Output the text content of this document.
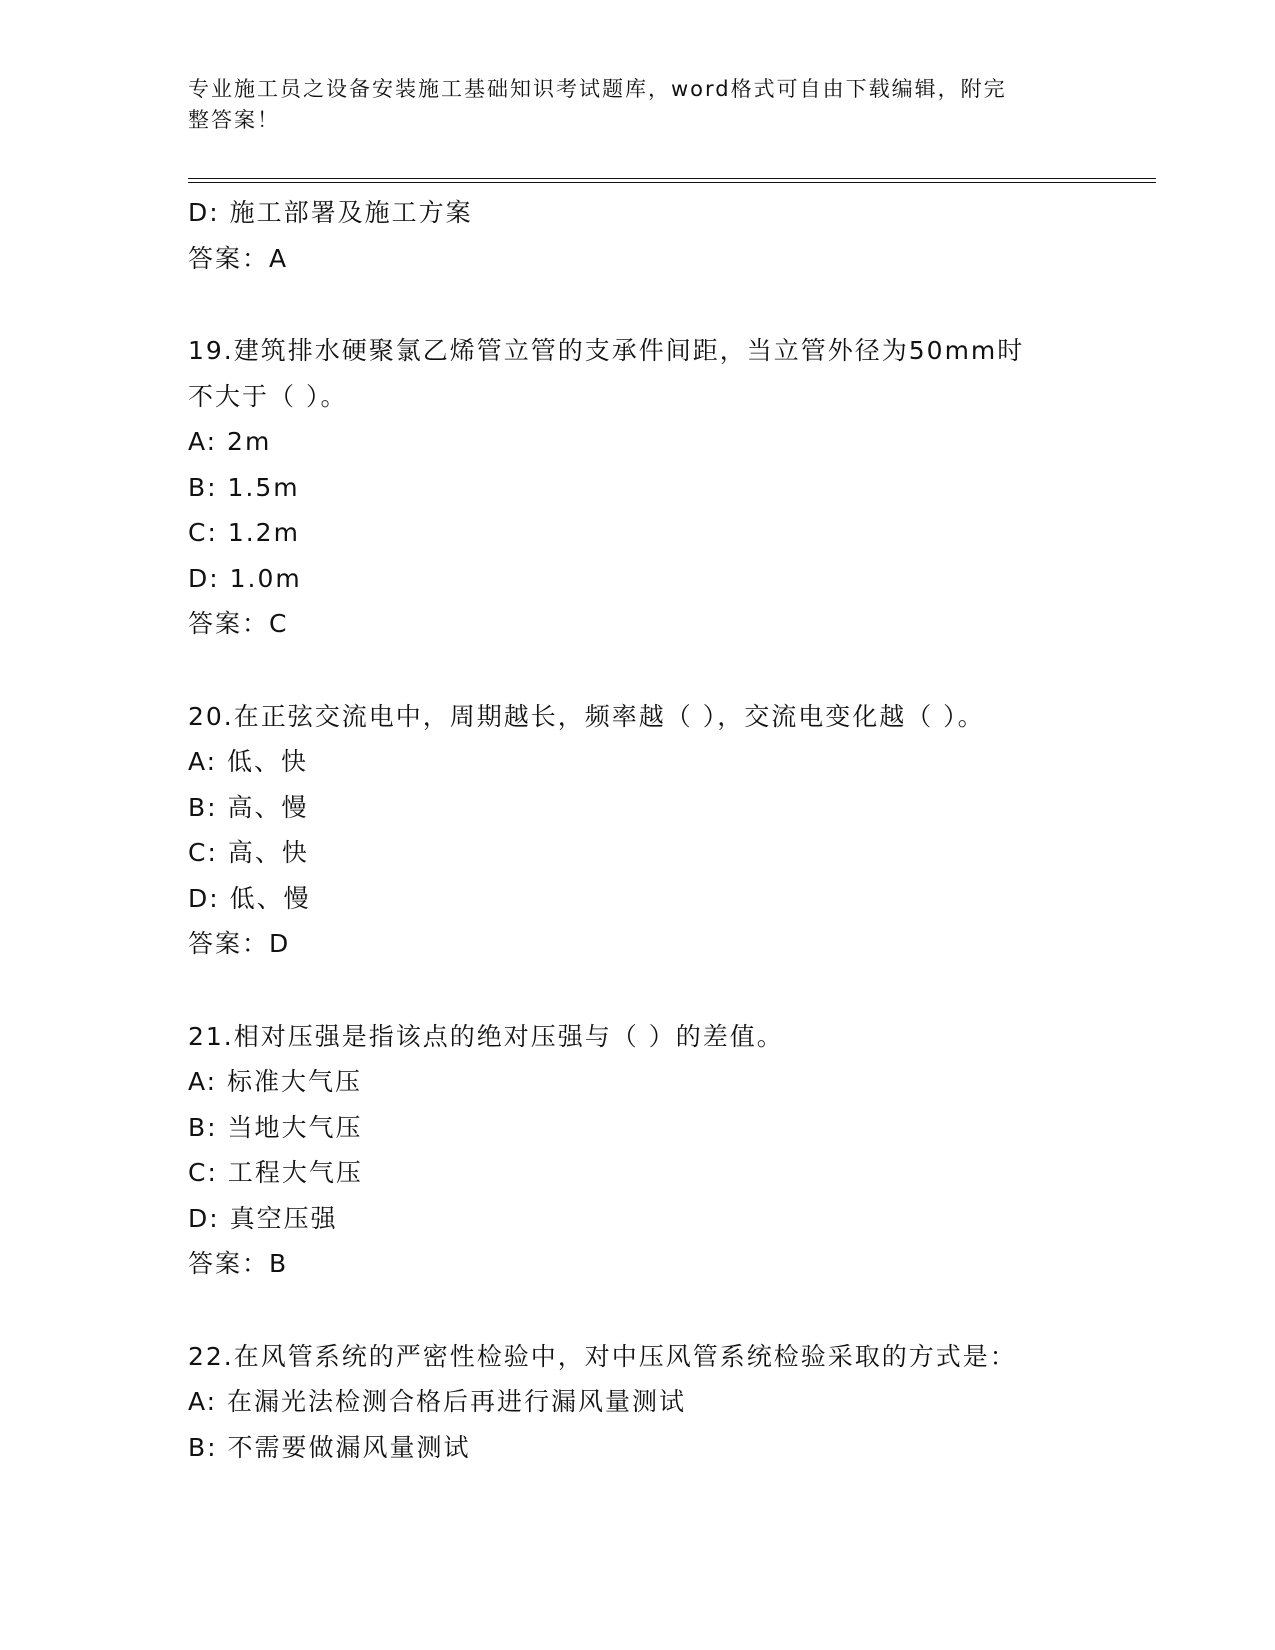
专业施工员之设备安装施工基础知识考试题库，word格式可自由下载编辑，附完
整答案！
D: 施工部署及施工方案
答案：A
19.建筑排水硬聚氯乙烯管立管的支承件间距，当立管外径为50mm时
不大于（ ）。
A: 2m
B: 1.5m
C: 1.2m
D: 1.0m
答案：C
20.在正弦交流电中，周期越长，频率越（ ），交流电变化越（ ）。
A: 低、快
B: 高、慢
C: 高、快
D: 低、慢
答案：D
21.相对压强是指该点的绝对压强与（ ）的差值。
A: 标准大气压
B: 当地大气压
C: 工程大气压
D: 真空压强
答案：B
22.在风管系统的严密性检验中，对中压风管系统检验采取的方式是：
A: 在漏光法检测合格后再进行漏风量测试
B: 不需要做漏风量测试
